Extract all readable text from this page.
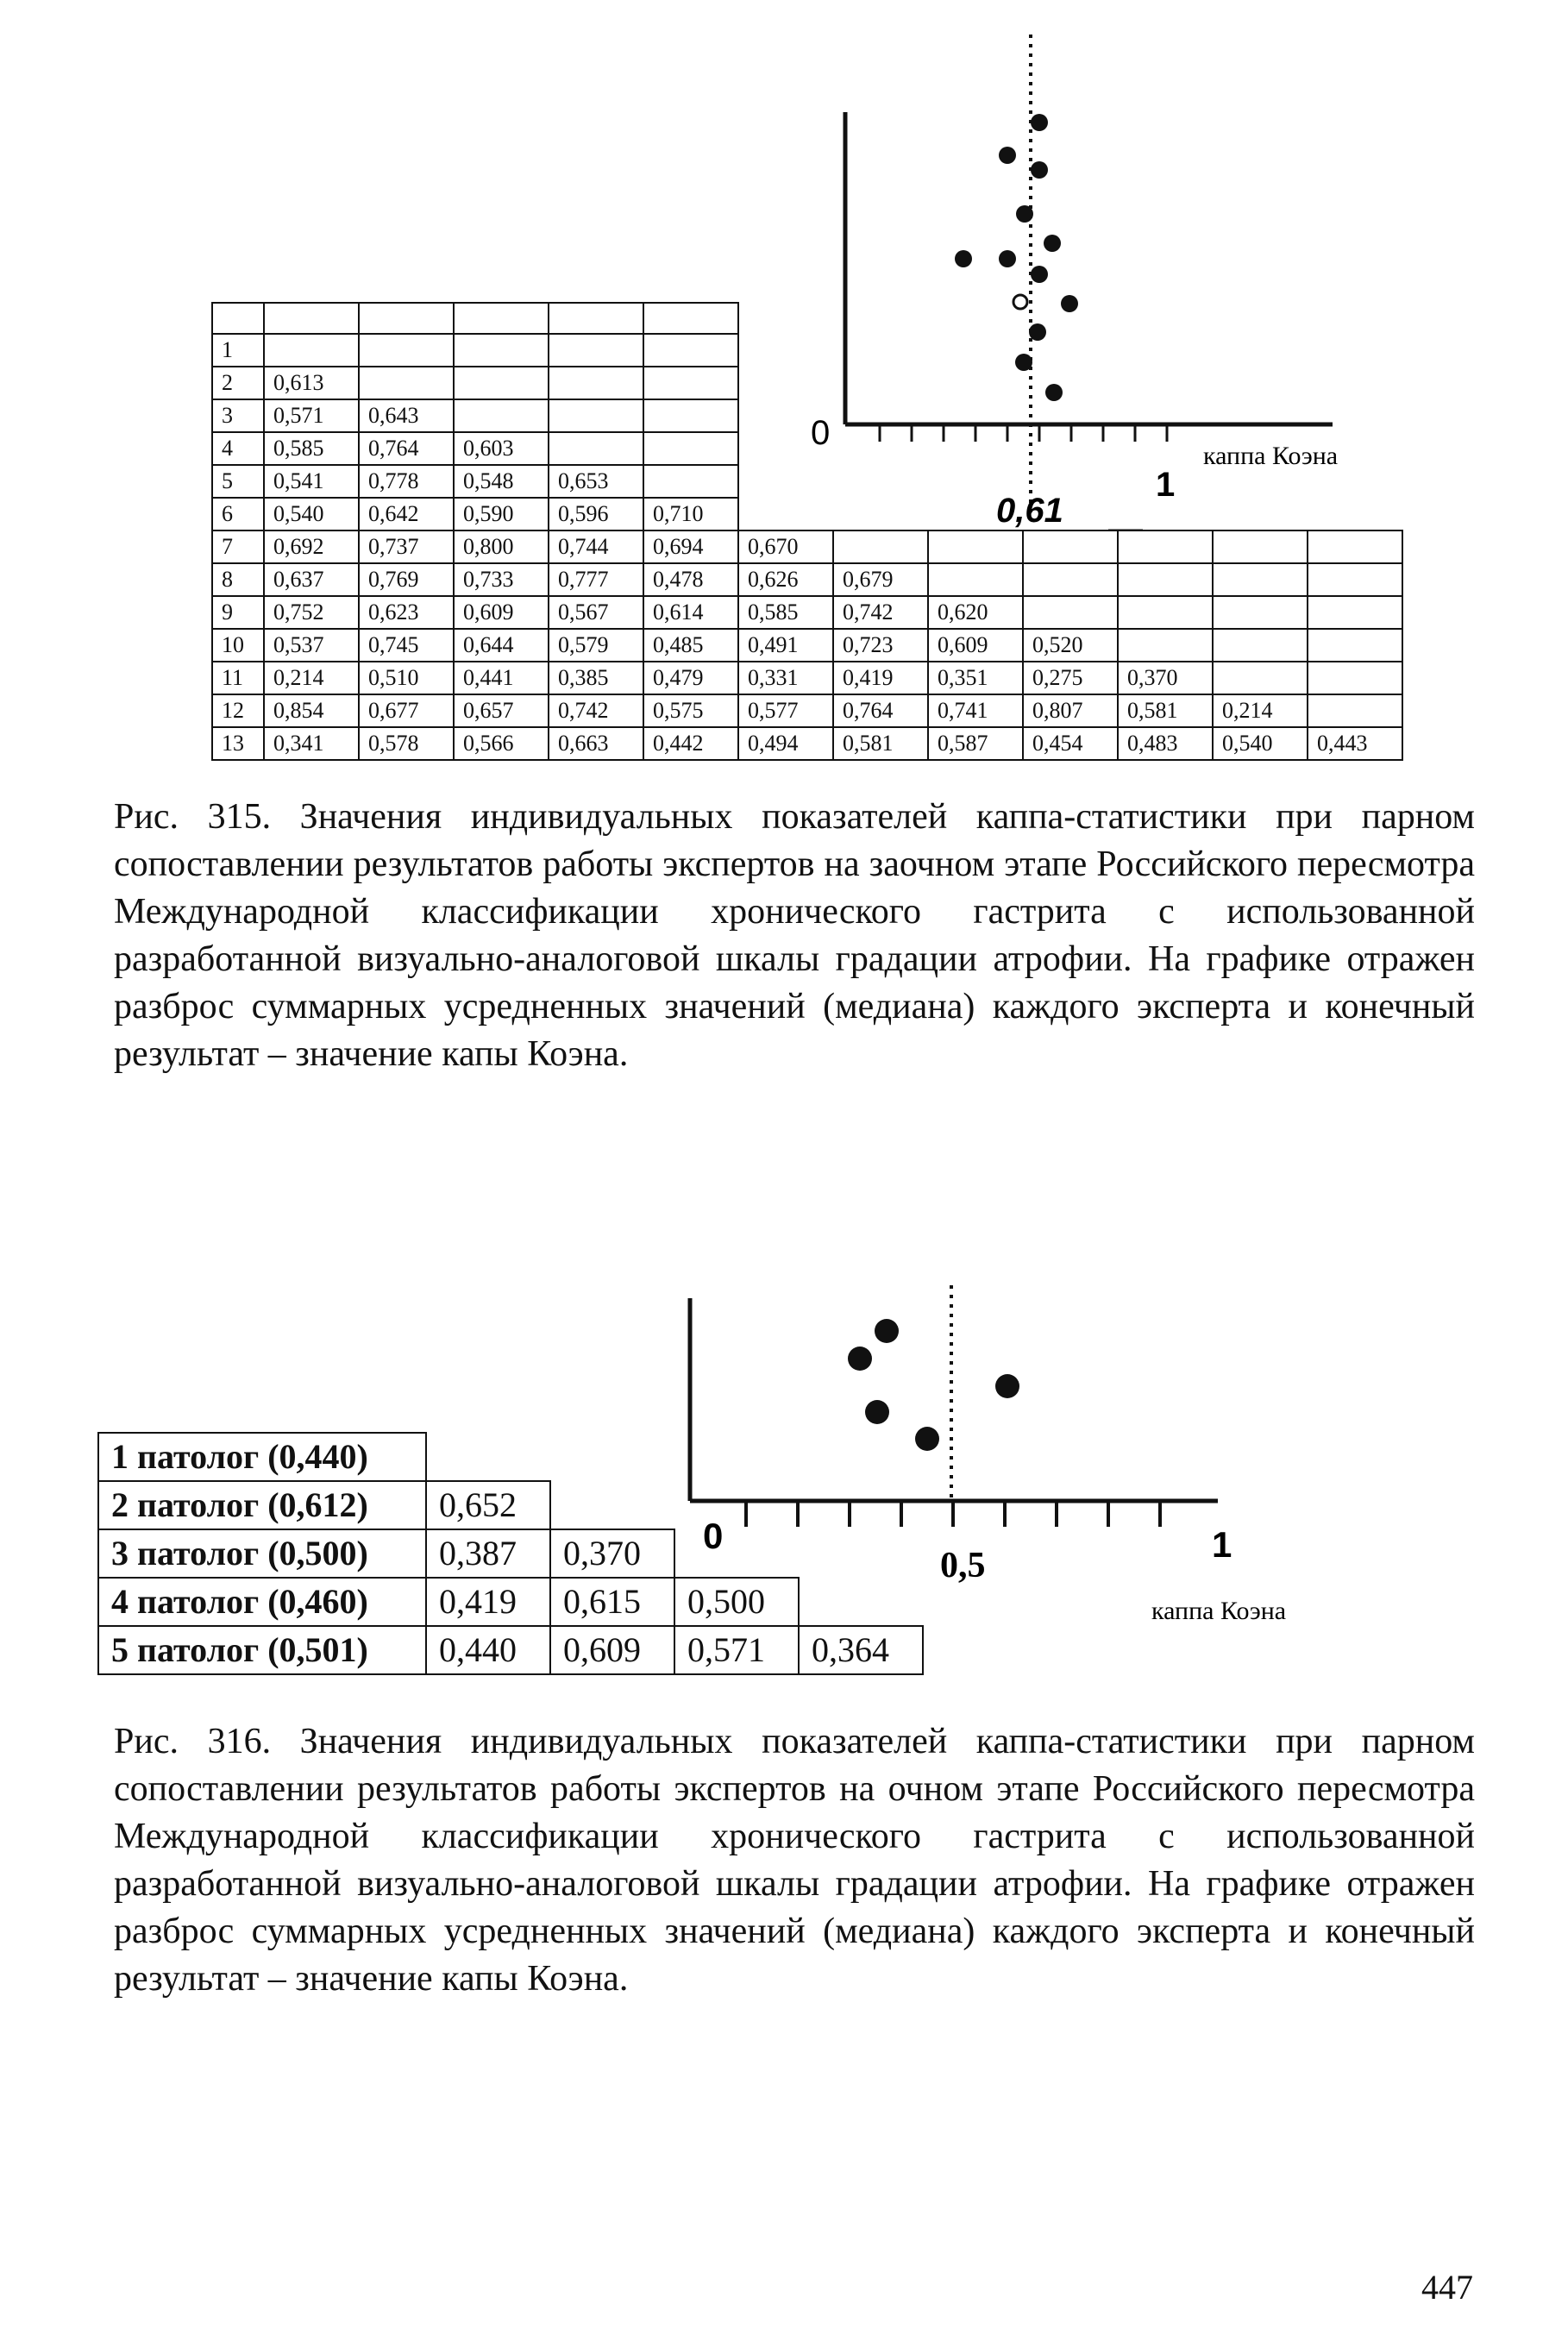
0
1
каппа Коэна
0,61

1												
2	0,613											
3	0,571	0,643										
4	0,585	0,764	0,603									
5	0,541	0,778	0,548	0,653								
6	0,540	0,642	0,590	0,596	0,710							
7	0,692	0,737	0,800	0,744	0,694	0,670						
8	0,637	0,769	0,733	0,777	0,478	0,626	0,679					
9	0,752	0,623	0,609	0,567	0,614	0,585	0,742	0,620				
10	0,537	0,745	0,644	0,579	0,485	0,491	0,723	0,609	0,520			
11	0,214	0,510	0,441	0,385	0,479	0,331	0,419	0,351	0,275	0,370		
12	0,854	0,677	0,657	0,742	0,575	0,577	0,764	0,741	0,807	0,581	0,214	
13	0,341	0,578	0,566	0,663	0,442	0,494	0,581	0,587	0,454	0,483	0,540	0,443
Рис. 315. Значения индивидуальных показателей каппа-статистики при парном сопоставлении результатов работы экспертов на заочном этапе Российского пересмотра Международной классификации хронического гастрита с использованной разработанной визуально-аналоговой шкалы градации атрофии. На графике отражен разброс суммарных усредненных значений (медиана) каждого эксперта и конечный результат – значение капы Коэна.
0
0,5
1
каппа Коэна
1 патолог (0,440)				
2 патолог (0,612)	0,652			
3 патолог (0,500)	0,387	0,370		
4 патолог (0,460)	0,419	0,615	0,500	
5 патолог (0,501)	0,440	0,609	0,571	0,364
Рис. 316. Значения индивидуальных показателей каппа-статистики при парном сопоставлении результатов работы экспертов на очном этапе Российского пересмотра Международной классификации хронического гастрита с использованной разработанной визуально-аналоговой шкалы градации атрофии. На графике отражен разброс суммарных усредненных значений (медиана) каждого эксперта и конечный результат – значение капы Коэна.
447
